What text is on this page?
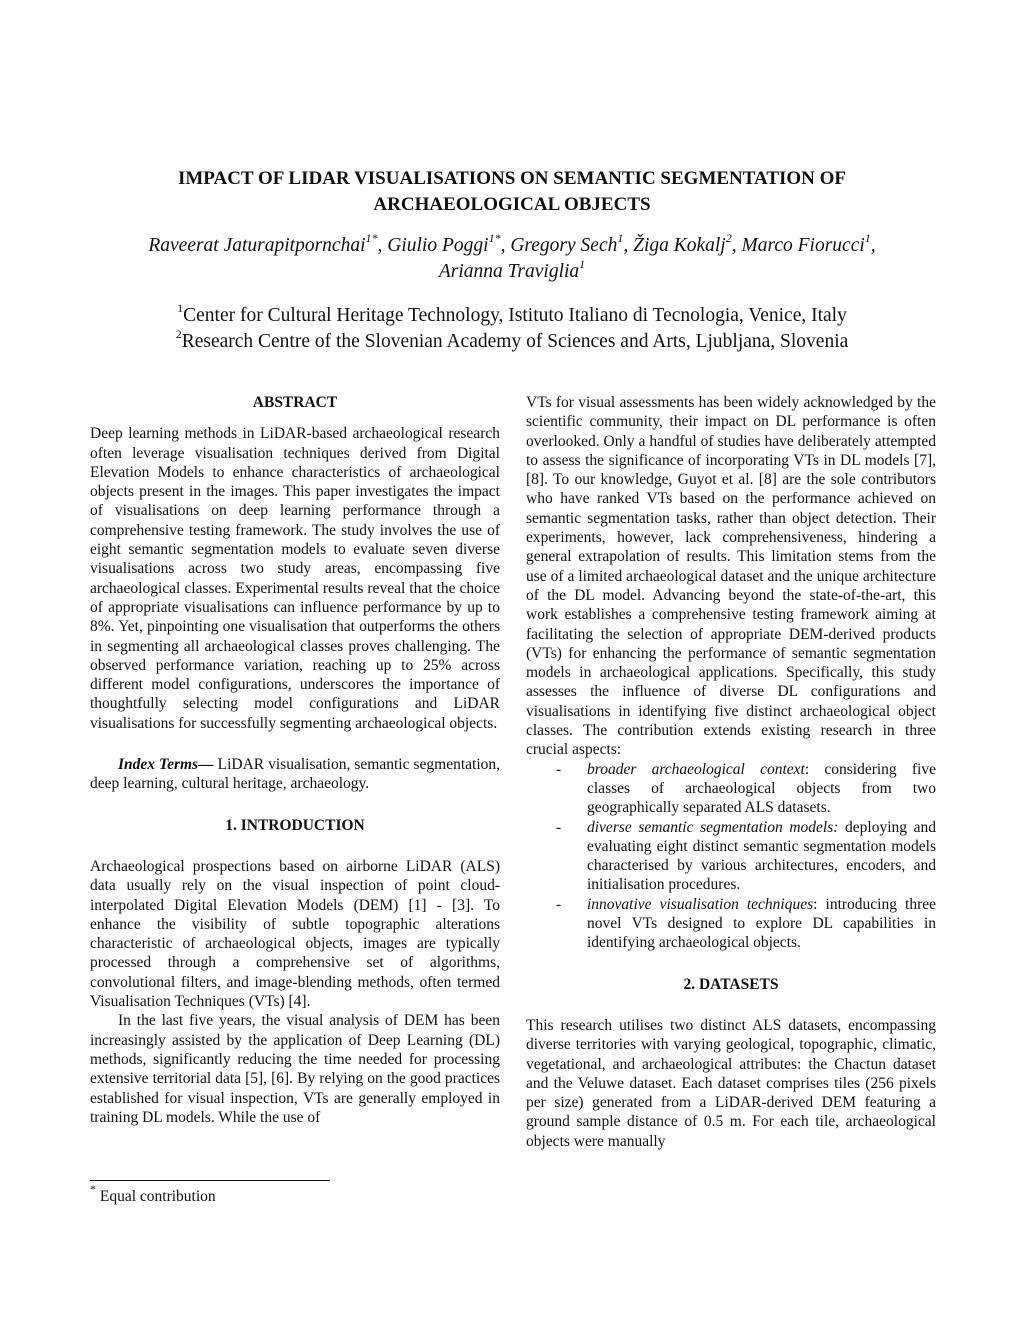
IMPACT OF LIDAR VISUALISATIONS ON SEMANTIC SEGMENTATION OF
ARCHAEOLOGICAL OBJECTS
Raveerat Jaturapitpornchai$^{1*}$, Giulio Poggi$^{1*}$, Gregory Sech$^1$, Žiga Kokalj$^2$, Marco Fiorucci$^1$,
Arianna Traviglia$^1$
$^1$Center for Cultural Heritage Technology, Istituto Italiano di Tecnologia, Venice, Italy
$^2$Research Centre of the Slovenian Academy of Sciences and Arts, Ljubljana, Slovenia
ABSTRACT

Deep learning methods in LiDAR-based archaeological research often leverage visualisation techniques derived from Digital Elevation Models to enhance characteristics of archaeological objects present in the images. This paper investigates the impact of visualisations on deep learning performance through a comprehensive testing framework. The study involves the use of eight semantic segmentation models to evaluate seven diverse visualisations across two study areas, encompassing five archaeological classes. Experimental results reveal that the choice of appropriate visualisations can influence performance by up to 8%. Yet, pinpointing one visualisation that outperforms the others in segmenting all archaeological classes proves challenging. The observed performance variation, reaching up to 25% across different model configurations, underscores the importance of thoughtfully selecting model configurations and LiDAR visualisations for successfully segmenting archaeological objects.

Index Terms— LiDAR visualisation, semantic segmentation, deep learning, cultural heritage, archaeology.

1. INTRODUCTION

Archaeological prospections based on airborne LiDAR (ALS) data usually rely on the visual inspection of point cloud-interpolated Digital Elevation Models (DEM) [1] - [3]. To enhance the visibility of subtle topographic alterations characteristic of archaeological objects, images are typically processed through a comprehensive set of algorithms, convolutional filters, and image-blending methods, often termed Visualisation Techniques (VTs) [4].

In the last five years, the visual analysis of DEM has been increasingly assisted by the application of Deep Learning (DL) methods, significantly reducing the time needed for processing extensive territorial data [5], [6]. By relying on the good practices established for visual inspection, VTs are generally employed in training DL models. While the use of

VTs for visual assessments has been widely acknowledged by the scientific community, their impact on DL performance is often overlooked. Only a handful of studies have deliberately attempted to assess the significance of incorporating VTs in DL models [7], [8]. To our knowledge, Guyot et al. [8] are the sole contributors who have ranked VTs based on the performance achieved on semantic segmentation tasks, rather than object detection. Their experiments, however, lack comprehensiveness, hindering a general extrapolation of results. This limitation stems from the use of a limited archaeological dataset and the unique architecture of the DL model. Advancing beyond the state-of-the-art, this work establishes a comprehensive testing framework aiming at facilitating the selection of appropriate DEM-derived products (VTs) for enhancing the performance of semantic segmentation models in archaeological applications. Specifically, this study assesses the influence of diverse DL configurations and visualisations in identifying five distinct archaeological object classes. The contribution extends existing research in three crucial aspects:

- broader archaeological context: considering five classes of archaeological objects from two geographically separated ALS datasets.
- diverse semantic segmentation models: deploying and evaluating eight distinct semantic segmentation models characterised by various architectures, encoders, and initialisation procedures.
- innovative visualisation techniques: introducing three novel VTs designed to explore DL capabilities in identifying archaeological objects.
2. DATASETS

This research utilises two distinct ALS datasets, encompassing diverse territories with varying geological, topographic, climatic, vegetational, and archaeological attributes: the Chactun dataset and the Veluwe dataset. Each dataset comprises tiles (256 pixels per size) generated from a LiDAR-derived DEM featuring a ground sample distance of 0.5 m. For each tile, archaeological objects were manually

* Equal contribution
